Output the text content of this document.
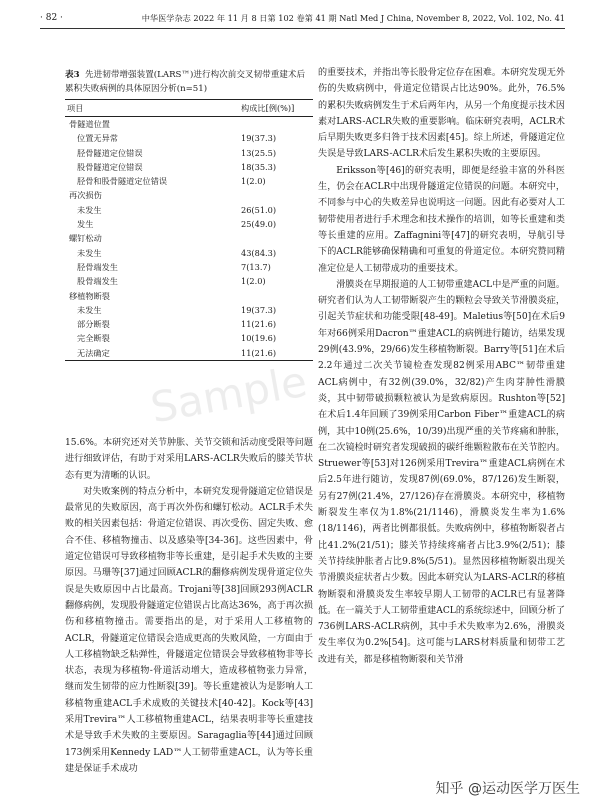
· 82 ·	中华医学杂志 2022 年 11 月 8 日第 102 卷第 41 期 Natl Med J China, November 8, 2022, Vol. 102, No. 41
表3 先进韧带增强装置(LARS™)进行构次前交叉韧带重建术后累积失败病例的具体原因分析(n=51)
项目	构成比[例(%)]
骨隧道位置	
位置无异常	19(37.3)
胫骨隧道定位错误	13(25.5)
股骨隧道定位错误	18(35.3)
胫骨和股骨隧道定位错误	1(2.0)
再次损伤	
未发生	26(51.0)
发生	25(49.0)
螺钉松动	
未发生	43(84.3)
胫骨端发生	7(13.7)
股骨端发生	1(2.0)
移植物断裂	
未发生	19(37.3)
部分断裂	11(21.6)
完全断裂	10(19.6)
无法确定	11(21.6)

15.6%。本研究还对关节肿胀、关节交锁和活动度受限等问题进行细致评估，有助于对采用LARS-ACLR失败后的膝关节状态有更为清晰的认识。

对失败案例的特点分析中，本研究发现骨隧道定位错误是最常见的失败原因，高于再次外伤和螺钉松动。ACLR手术失败的相关因素包括：骨道定位错误、再次受伤、固定失败、愈合不佳、移植物撞击、以及感染等[34-36]。这些因素中，骨道定位错误可导致移植物非等长重建，是引起手术失败的主要原因。马珊等[37]通过回顾ACLR的翻修病例发现骨道定位失误是失败原因中占比最高。Trojani等[38]回顾293例ACLR翻修病例，发现股骨隧道定位错误占比高达36%，高于再次损伤和移植物撞击。需要指出的是，对于采用人工移植物的ACLR，骨隧道定位错误会造成更高的失败风险，一方面由于人工移植物缺乏粘弹性，骨隧道定位错误会导致移植物非等长状态，表现为移植物-骨道活动增大，造成移植物张力异常，继而发生韧带的应力性断裂[39]。等长重建被认为是影响人工移植物重建ACL手术成败的关键技术[40-42]。Kock等[43]采用Trevira™人工移植物重建ACL，结果表明非等长重建技术是导致手术失败的主要原因。Saragaglia等[44]通过回顾173例采用Kennedy LAD™人工韧带重建ACL，认为等长重建是保证手术成功

的重要技术，并指出等长股骨定位存在困难。本研究发现无外伤的失败病例中，骨道定位错误占比达90%。此外，76.5%的累积失败病例发生于术后两年内，从另一个角度提示技术因素对LARS-ACLR失败的重要影响。临床研究表明，ACLR术后早期失败更多归咎于技术因素[45]。综上所述，骨隧道定位失误是导致LARS-ACLR术后发生累积失败的主要原因。

Eriksson等[46]的研究表明，即便是经验丰富的外科医生，仍会在ACLR中出现骨隧道定位错误的问题。本研究中，不同参与中心的失败差异也说明这一问题。因此有必要对人工韧带使用者进行手术理念和技术操作的培训，如等长重建和类等长重建的应用。Zaffagnini等[47]的研究表明，导航引导下的ACLR能够确保精确和可重复的骨道定位。本研究赞同精准定位是人工韧带成功的重要技术。

滑膜炎在早期报道的人工韧带重建ACL中是严重的问题。研究者们认为人工韧带断裂产生的颗粒会导致关节滑膜炎症，引起关节症状和功能受限[48-49]。Maletius等[50]在术后9年对66例采用Dacron™重建ACL的病例进行随访，结果发现29例(43.9%，29/66)发生移植物断裂。Barry等[51]在术后2.2年通过二次关节镜检查发现82例采用ABC™韧带重建ACL病例中，有32例(39.0%，32/82)产生肉芽肿性滑膜炎，其中韧带破损颗粒被认为是致病原因。Rushton等[52]在术后1.4年回顾了39例采用Carbon Fiber™重建ACL的病例，其中10例(25.6%，10/39)出现严重的关节疼痛和肿胀，在二次镜检时研究者发现破损的碳纤维颗粒散布在关节腔内。Struewer等[53]对126例采用Trevira™重建ACL病例在术后2.5年进行随访，发现87例(69.0%，87/126)发生断裂，另有27例(21.4%，27/126)存在滑膜炎。本研究中，移植物断裂发生率仅为1.8%(21/1146)，滑膜炎发生率为1.6%(18/1146)，两者比例都很低。失败病例中，移植物断裂者占比41.2%(21/51)；膝关节持续疼痛者占比3.9%(2/51)；膝关节持续肿胀者占比9.8%(5/51)。显然因移植物断裂出现关节滑膜炎症状者占少数。因此本研究认为LARS-ACLR的移植物断裂和滑膜炎发生率较早期人工韧带的ACLR已有显著降低。在一篇关于人工韧带重建ACL的系统综述中，回顾分析了736例LARS-ACLR病例，其中手术失败率为2.6%，滑膜炎发生率仅为0.2%[54]。这可能与LARS材料质量和韧带工艺改进有关，都是移植物断裂和关节滑

Sample
知乎 @运动医学万医生
